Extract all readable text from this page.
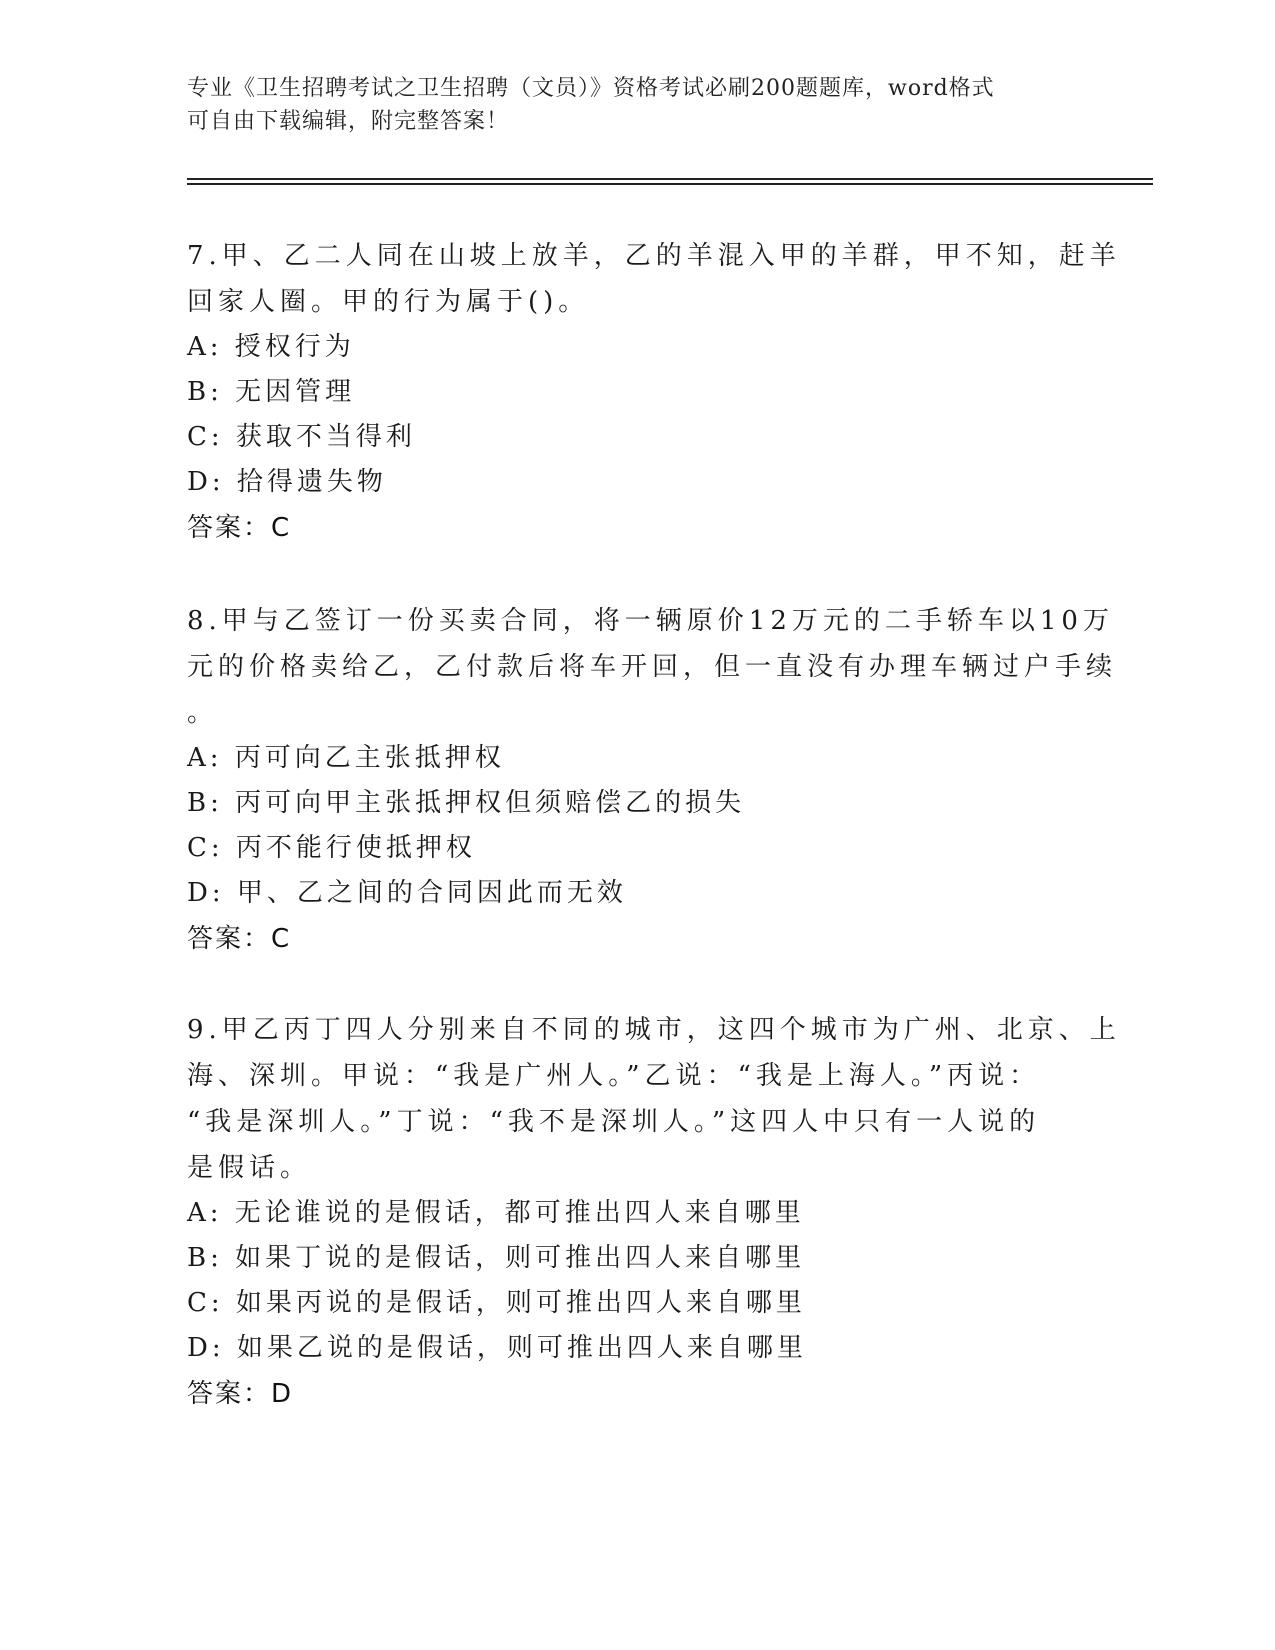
专业《卫生招聘考试之卫生招聘（文员）》资格考试必刷200题题库，word格式
可自由下载编辑，附完整答案！
7.甲、乙二人同在山坡上放羊，乙的羊混入甲的羊群，甲不知，赶羊
回家人圈。甲的行为属于()。
A: 授权行为
B: 无因管理
C: 获取不当得利
D: 拾得遗失物
答案：C
8.甲与乙签订一份买卖合同，将一辆原价12万元的二手轿车以10万
元的价格卖给乙，乙付款后将车开回，但一直没有办理车辆过户手续
。
A: 丙可向乙主张抵押权
B: 丙可向甲主张抵押权但须赔偿乙的损失
C: 丙不能行使抵押权
D: 甲、乙之间的合同因此而无效
答案：C
9.甲乙丙丁四人分别来自不同的城市，这四个城市为广州、北京、上
海、深圳。甲说：“我是广州人。”乙说：“我是上海人。”丙说：
“我是深圳人。”丁说：“我不是深圳人。”这四人中只有一人说的
是假话。
A: 无论谁说的是假话，都可推出四人来自哪里
B: 如果丁说的是假话，则可推出四人来自哪里
C: 如果丙说的是假话，则可推出四人来自哪里
D: 如果乙说的是假话，则可推出四人来自哪里
答案：D
